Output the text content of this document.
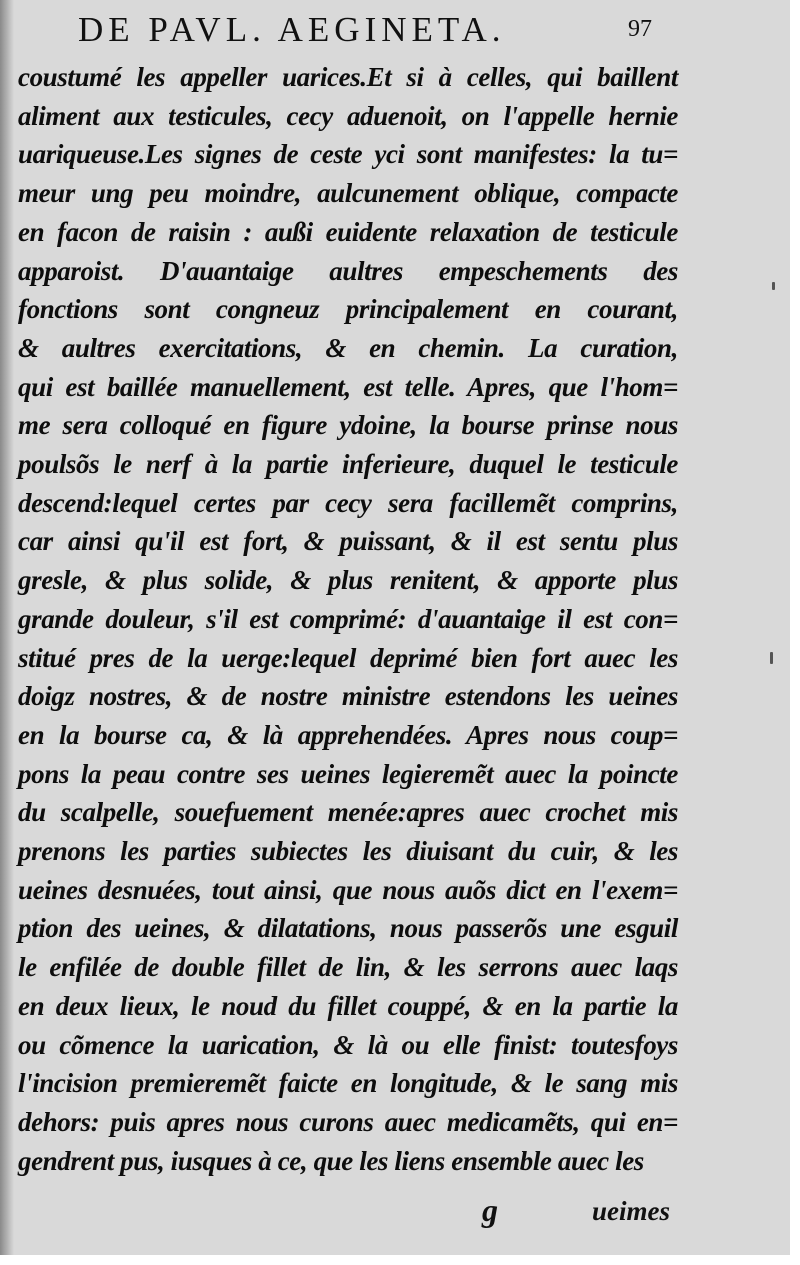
DE PAVL. AEGINETA.	97
coustumé les appeller uarices.Et si à celles, qui baillent
aliment aux testicules, cecy aduenoit, on l'appelle hernie
uariqueuse.Les signes de ceste yci sont manifestes: la tu=
meur ung peu moindre, aulcunement oblique, compacte
en facon de raisin : außi euidente relaxation de testicule
apparoist. D'auantaige aultres empeschements des
fonctions sont congneuz principalement en courant,
& aultres exercitations, & en chemin. La curation,
qui est baillée manuellement, est telle. Apres, que l'hom=
me sera colloqué en figure ydoine, la bourse prinse nous
poulsõs le nerf à la partie inferieure, duquel le testicule
descend:lequel certes par cecy sera facillemẽt comprins,
car ainsi qu'il est fort, & puissant, & il est sentu plus
gresle, & plus solide, & plus renitent, & apporte plus
grande douleur, s'il est comprimé: d'auantaige il est con=
stitué pres de la uerge:lequel deprimé bien fort auec les
doigz nostres, & de nostre ministre estendons les ueines
en la bourse ca, & là apprehendées. Apres nous coup=
pons la peau contre ses ueines legieremẽt auec la poincte
du scalpelle, souefuement menée:apres auec crochet mis
prenons les parties subiectes les diuisant du cuir, & les
ueines desnuées, tout ainsi, que nous auõs dict en l'exem=
ption des ueines, & dilatations, nous passerõs une esguil
le enfilée de double fillet de lin, & les serrons auec laqs
en deux lieux, le noud du fillet couppé, & en la partie la
ou cõmence la uarication, & là ou elle finist: toutesfoys
l'incision premieremẽt faicte en longitude, & le sang mis
dehors: puis apres nous curons auec medicamẽts, qui en=
gendrent pus, iusques à ce, que les liens ensemble auec les
g	ueimes
